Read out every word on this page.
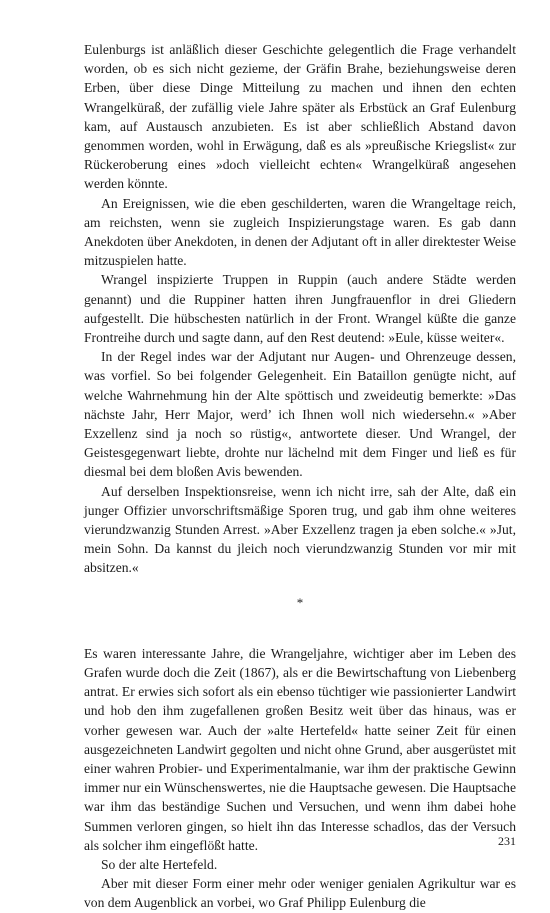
Eulenburgs ist anläßlich dieser Geschichte gelegentlich die Frage verhandelt worden, ob es sich nicht gezieme, der Gräfin Brahe, beziehungsweise deren Erben, über diese Dinge Mitteilung zu machen und ihnen den echten Wrangelküraß, der zufällig viele Jahre später als Erbstück an Graf Eulenburg kam, auf Austausch anzubieten. Es ist aber schließlich Abstand davon genommen worden, wohl in Erwägung, daß es als »preußische Kriegslist« zur Rückeroberung eines »doch vielleicht echten« Wrangelküraß angesehen werden könnte.

An Ereignissen, wie die eben geschilderten, waren die Wrangeltage reich, am reichsten, wenn sie zugleich Inspizierungstage waren. Es gab dann Anekdoten über Anekdoten, in denen der Adjutant oft in aller direktester Weise mitzuspielen hatte.

Wrangel inspizierte Truppen in Ruppin (auch andere Städte werden genannt) und die Ruppiner hatten ihren Jungfrauenflor in drei Gliedern aufgestellt. Die hübschesten natürlich in der Front. Wrangel küßte die ganze Frontreihe durch und sagte dann, auf den Rest deutend: »Eule, küsse weiter«.

In der Regel indes war der Adjutant nur Augen- und Ohrenzeuge dessen, was vorfiel. So bei folgender Gelegenheit. Ein Bataillon genügte nicht, auf welche Wahrnehmung hin der Alte spöttisch und zweideutig bemerkte: »Das nächste Jahr, Herr Major, werd’ ich Ihnen woll nich wiedersehn.« »Aber Exzellenz sind ja noch so rüstig«, antwortete dieser. Und Wrangel, der Geistesgegenwart liebte, drohte nur lächelnd mit dem Finger und ließ es für diesmal bei dem bloßen Avis bewenden.

Auf derselben Inspektionsreise, wenn ich nicht irre, sah der Alte, daß ein junger Offizier unvorschriftsmäßige Sporen trug, und gab ihm ohne weiteres vierundzwanzig Stunden Arrest. »Aber Exzellenz tragen ja eben solche.« »Jut, mein Sohn. Da kannst du jleich noch vierundzwanzig Stunden vor mir mit absitzen.«

*

Es waren interessante Jahre, die Wrangeljahre, wichtiger aber im Leben des Grafen wurde doch die Zeit (1867), als er die Bewirtschaftung von Liebenberg antrat. Er erwies sich sofort als ein ebenso tüchtiger wie passionierter Landwirt und hob den ihm zugefallenen großen Besitz weit über das hinaus, was er vorher gewesen war. Auch der »alte Hertefeld« hatte seiner Zeit für einen ausgezeichneten Landwirt gegolten und nicht ohne Grund, aber ausgerüstet mit einer wahren Probier- und Experimentalmanie, war ihm der praktische Gewinn immer nur ein Wünschenswertes, nie die Hauptsache gewesen. Die Hauptsache war ihm das beständige Suchen und Versuchen, und wenn ihm dabei hohe Summen verloren gingen, so hielt ihn das Interesse schadlos, das der Versuch als solcher ihm eingeflößt hatte.

So der alte Hertefeld.

Aber mit dieser Form einer mehr oder weniger genialen Agrikultur war es von dem Augenblick an vorbei, wo Graf Philipp Eulenburg die

231
